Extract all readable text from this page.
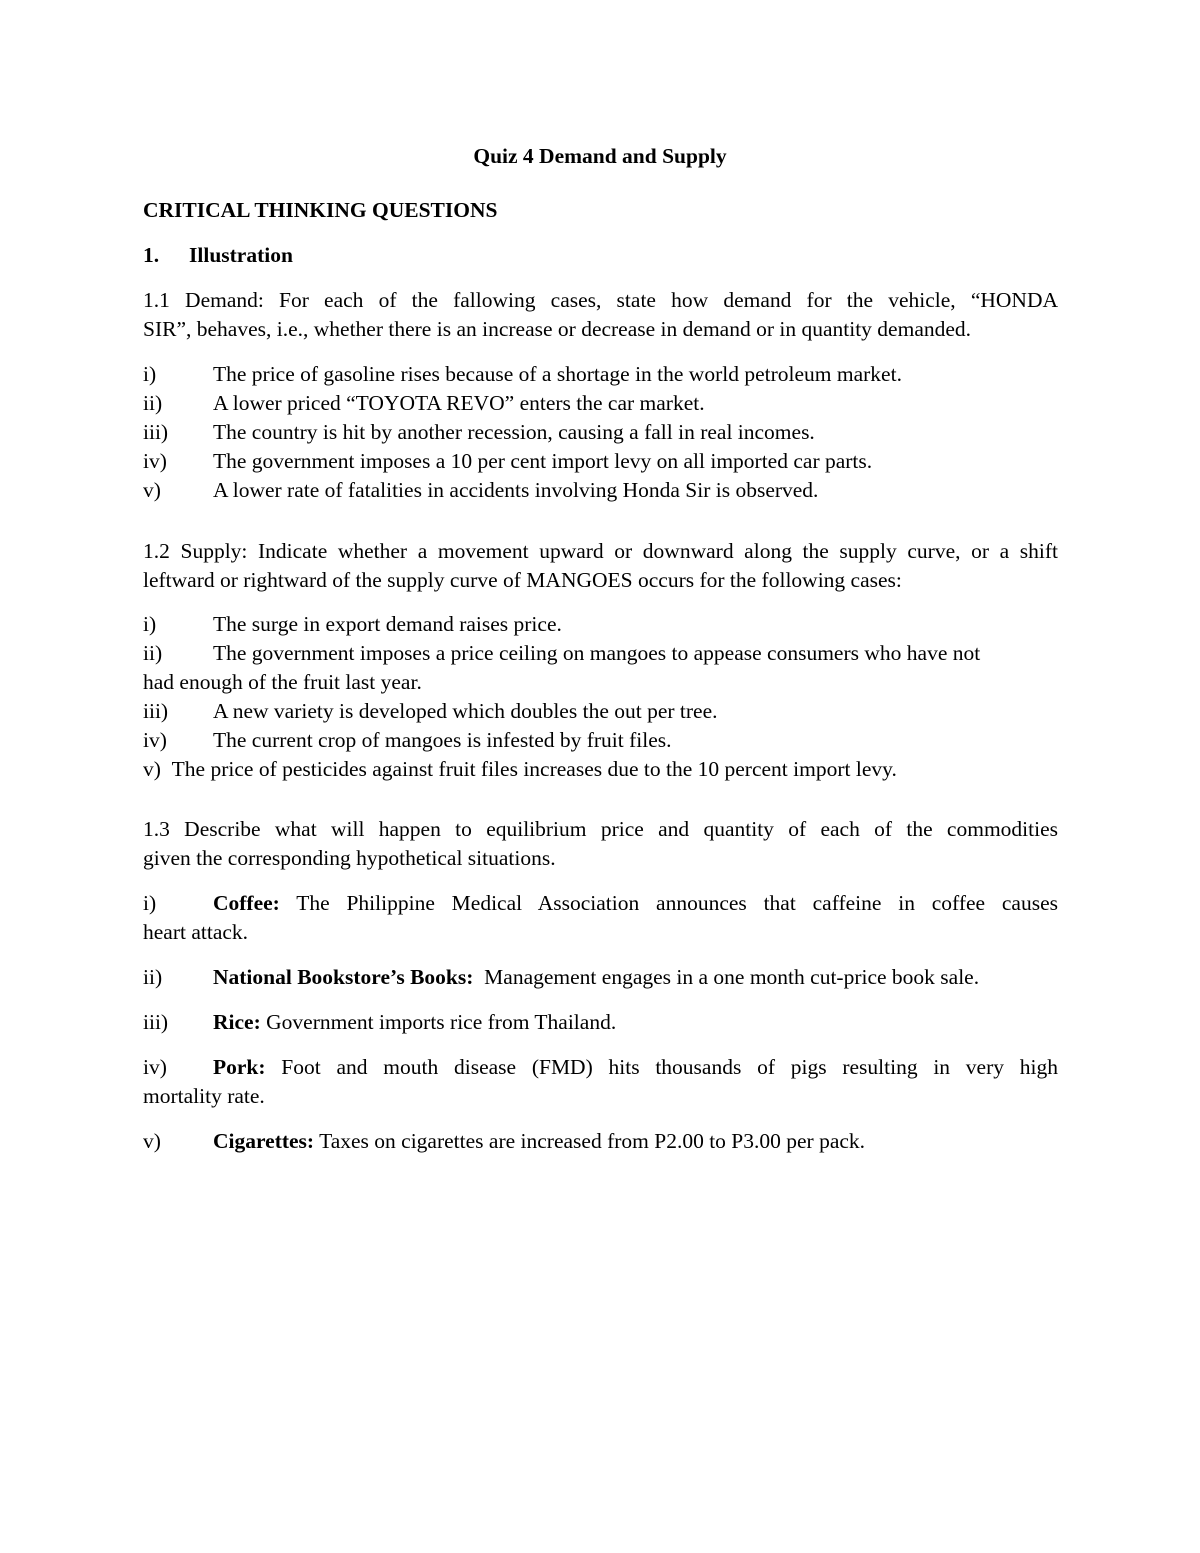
Quiz 4 Demand and Supply
CRITICAL THINKING QUESTIONS
1. Illustration
1.1 Demand: For each of the fallowing cases, state how demand for the vehicle, “HONDA
SIR”, behaves, i.e., whether there is an increase or decrease in demand or in quantity demanded.
i)	The price of gasoline rises because of a shortage in the world petroleum market.
ii) A lower priced “TOYOTA REVO” enters the car market.
iii) The country is hit by another recession, causing a fall in real incomes.
iv) The government imposes a 10 per cent import levy on all imported car parts.
v) A lower rate of fatalities in accidents involving Honda Sir is observed.
1.2 Supply: Indicate whether a movement upward or downward along the supply curve, or a shift
leftward or rightward of the supply curve of MANGOES occurs for the following cases:
i)	The surge in export demand raises price.
ii) The government imposes a price ceiling on mangoes to appease consumers who have not
had enough of the fruit last year.
iii) A new variety is developed which doubles the out per tree.
iv) The current crop of mangoes is infested by fruit files.
v) The price of pesticides against fruit files increases due to the 10 percent import levy.
1.3 Describe what will happen to equilibrium price and quantity of each of the commodities
given the corresponding hypothetical situations.
i)	Coffee: The Philippine Medical Association announces that caffeine in coffee causes
heart attack.
ii) National Bookstore’s Books:  Management engages in a one month cut-price book sale.
iii) Rice: Government imports rice from Thailand.
iv) Pork: Foot and mouth disease (FMD) hits thousands of pigs resulting in very high
mortality rate.
v) Cigarettes: Taxes on cigarettes are increased from P2.00 to P3.00 per pack.
